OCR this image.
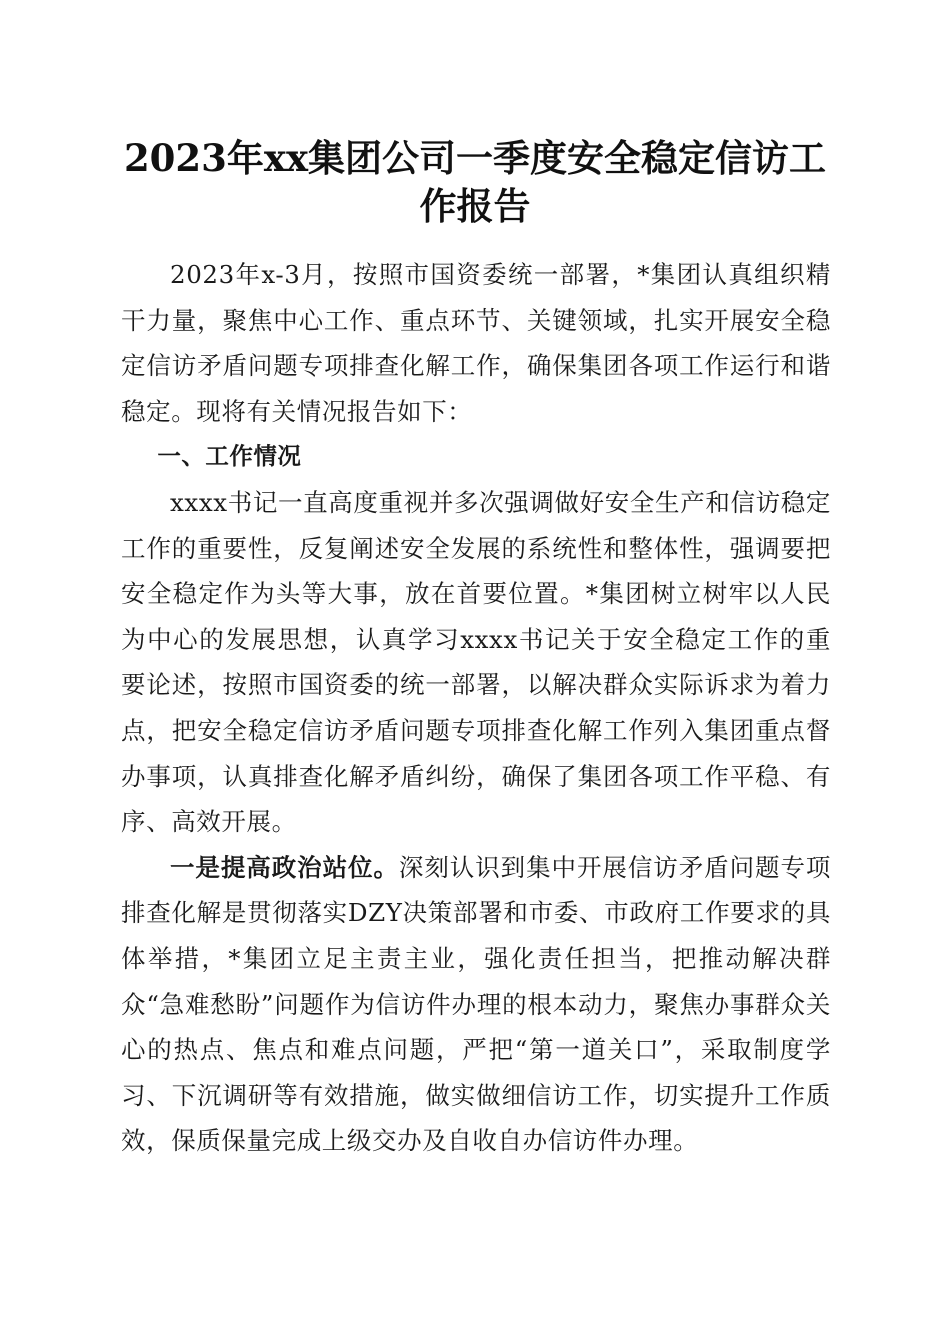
2023年xx集团公司一季度安全稳定信访工作报告

2023年x-3月，按照市国资委统一部署，*集团认真组织精干力量，聚焦中心工作、重点环节、关键领域，扎实开展安全稳定信访矛盾问题专项排查化解工作，确保集团各项工作运行和谐稳定。现将有关情况报告如下：

一、工作情况

xxxx书记一直高度重视并多次强调做好安全生产和信访稳定工作的重要性，反复阐述安全发展的系统性和整体性，强调要把安全稳定作为头等大事，放在首要位置。*集团树立树牢以人民为中心的发展思想，认真学习xxxx书记关于安全稳定工作的重要论述，按照市国资委的统一部署，以解决群众实际诉求为着力点，把安全稳定信访矛盾问题专项排查化解工作列入集团重点督办事项，认真排查化解矛盾纠纷，确保了集团各项工作平稳、有序、高效开展。

一是提高政治站位。深刻认识到集中开展信访矛盾问题专项排查化解是贯彻落实DZY决策部署和市委、市政府工作要求的具体举措，*集团立足主责主业，强化责任担当，把推动解决群众“急难愁盼”问题作为信访件办理的根本动力，聚焦办事群众关心的热点、焦点和难点问题，严把“第一道关口”，采取制度学习、下沉调研等有效措施，做实做细信访工作，切实提升工作质效，保质保量完成上级交办及自收自办信访件办理。
